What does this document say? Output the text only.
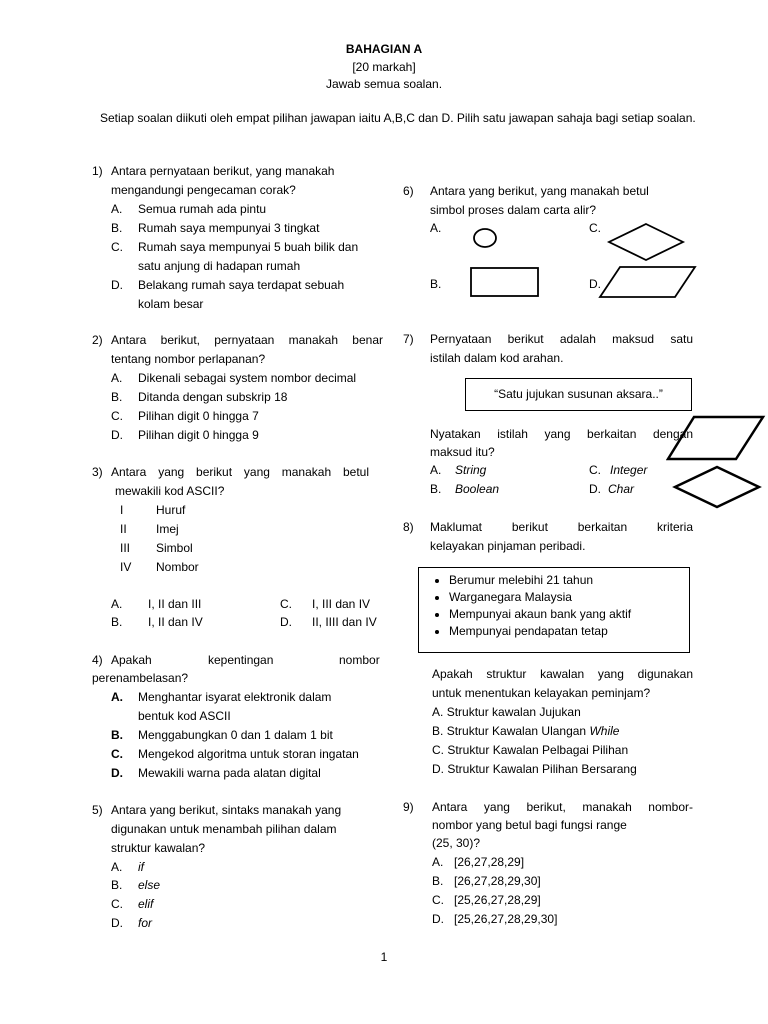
BAHAGIAN A
[20 markah]
Jawab semua soalan.
Setiap soalan diikuti oleh empat pilihan jawapan iaitu A,B,C dan D. Pilih satu jawapan sahaja bagi setiap soalan.
1) Antara pernyataan berikut, yang manakah
mengandungi pengecaman corak?
A. Semua rumah ada pintu
B. Rumah saya mempunyai 3 tingkat
C. Rumah saya mempunyai 5 buah bilik dan
satu anjung di hadapan rumah
D. Belakang rumah saya terdapat sebuah
kolam besar
2) Antara berikut, pernyataan manakah benar
tentang nombor perlapanan?
A. Dikenali sebagai system nombor decimal
B. Ditanda dengan subskrip 18
C. Pilihan digit 0 hingga 7
D. Pilihan digit 0 hingga 9
3) Antara yang berikut yang manakah betul
mewakili kod ASCII?
I	Huruf
II Imej
III Simbol
IV Nombor
A. I, II dan III	C. I, III dan IV
B. I, II dan IV	D. II, IIII dan IV
4) Apakah	kepentingan	nombor
perenambelasan?
A. Menghantar isyarat elektronik dalam
bentuk kod ASCII
B. Menggabungkan 0 dan 1 dalam 1 bit
C. Mengekod algoritma untuk storan ingatan
D. Mewakili warna pada alatan digital
5) Antara yang berikut, sintaks manakah yang
digunakan untuk menambah pilihan dalam
struktur kawalan?
A. if
B. else
C. elif
D. for
6) Antara yang berikut, yang manakah betul
simbol proses dalam carta alir?
A.	C.
B.	D.
7) Pernyataan berikut adalah maksud satu
istilah dalam kod arahan.
“Satu jujukan susunan aksara..”
Nyatakan istilah yang berkaitan dengan
maksud itu?
A. String	C. Integer
B. Boolean	D. Char
8) Maklumat berikut berkaitan kriteria
kelayakan pinjaman peribadi.
• Berumur melebihi 21 tahun
• Warganegara Malaysia
• Mempunyai akaun bank yang aktif
• Mempunyai pendapatan tetap
Apakah struktur kawalan yang digunakan
untuk menentukan kelayakan peminjam?
A. Struktur kawalan Jujukan
B. Struktur Kawalan Ulangan While
C. Struktur Kawalan Pelbagai Pilihan
D. Struktur Kawalan Pilihan Bersarang
9) Antara yang berikut, manakah nombor-
nombor yang betul bagi fungsi range
(25, 30)?
A. [26,27,28,29]
B. [26,27,28,29,30]
C. [25,26,27,28,29]
D. [25,26,27,28,29,30]
1
